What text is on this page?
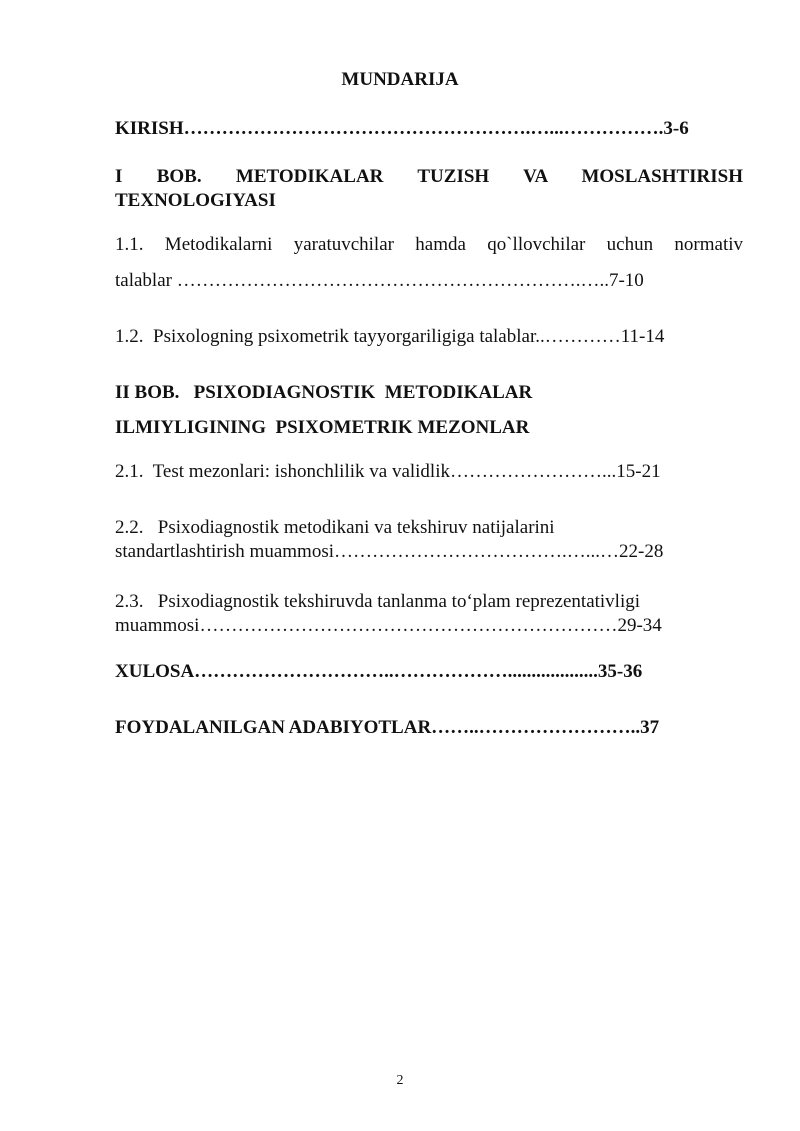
MUNDARIJA
KIRISH……………………………………………….…...…………….3-6
I BOB. METODIKALAR TUZISH VA MOSLASHTIRISH
TEXNOLOGIYASI
1.1. Metodikalarni yaratuvchilar hamda qo`llovchilar uchun normativ
talablar ……………………………………………………….…..7-10
1.2.  Psixologning psixometrik tayyorgariligiga talablar..…………11-14
II BOB.   PSIXODIAGNOSTIK  METODIKALAR
ILMIYLIGINING  PSIXOMETRIK MEZONLAR
2.1.  Test mezonlari: ishonchlilik va validlik……………………...15-21
2.2.   Psixodiagnostik metodikani va tekshiruv natijalarini
standartlashtirish muammosi……………………………….…...…22-28
2.3.   Psixodiagnostik tekshiruvda tanlanma to‘plam reprezentativligi
muammosi…………………………………………………………29-34
XULOSA…………………………..………………...................35-36
FOYDALANILGAN ADABIYOTLAR……..……………………..37
2
